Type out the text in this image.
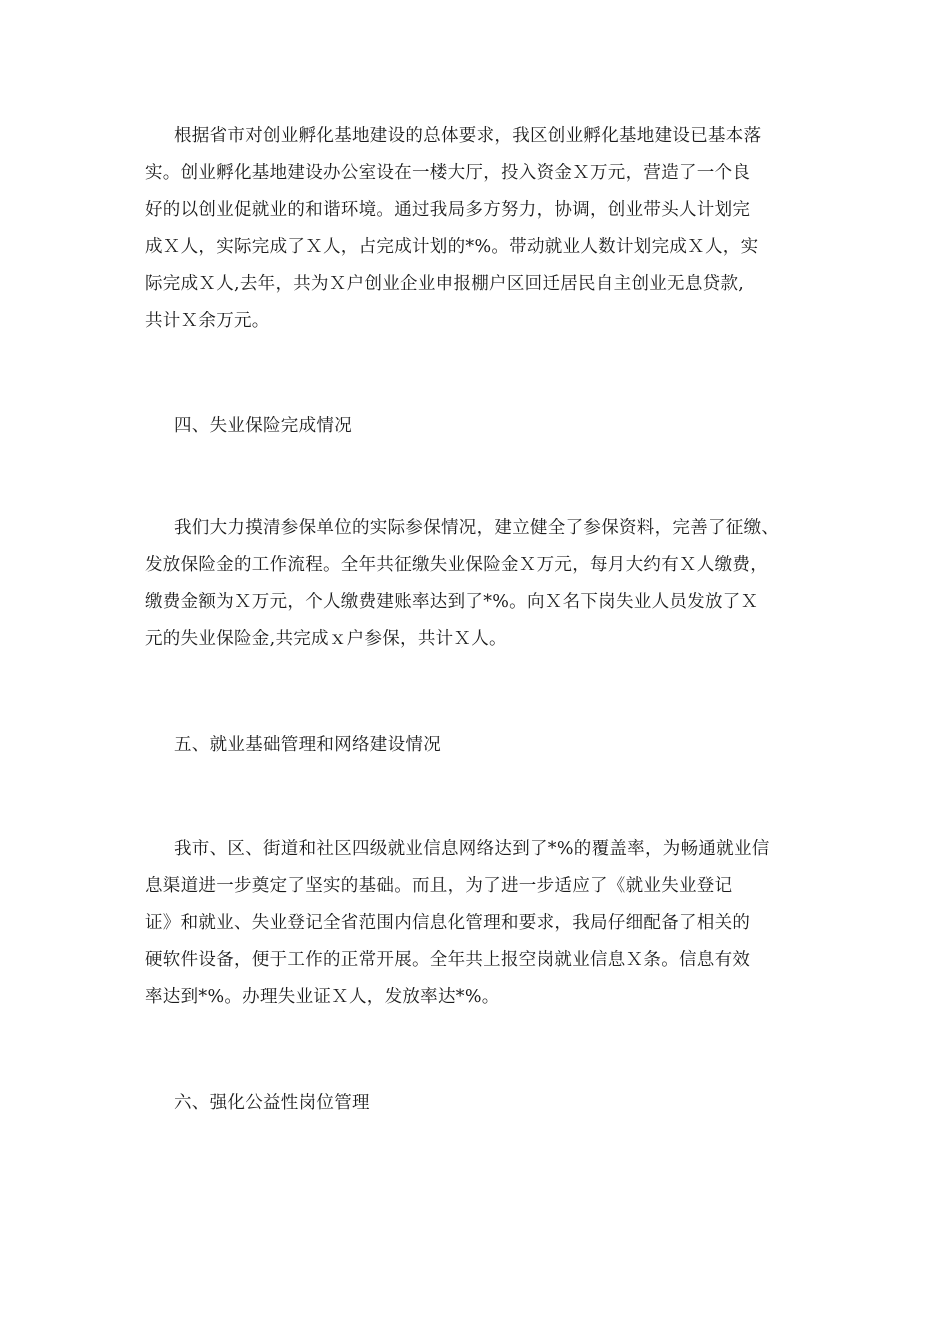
根据省市对创业孵化基地建设的总体要求，我区创业孵化基地建设已基本落
实。创业孵化基地建设办公室设在一楼大厅，投入资金Ｘ万元，营造了一个良
好的以创业促就业的和谐环境。通过我局多方努力，协调，创业带头人计划完
成Ｘ人，实际完成了Ｘ人，占完成计划的*%。带动就业人数计划完成Ｘ人，实
际完成Ｘ人,去年，共为Ｘ户创业企业申报棚户区回迁居民自主创业无息贷款,
共计Ｘ余万元。
四、失业保险完成情况
我们大力摸清参保单位的实际参保情况，建立健全了参保资料，完善了征缴、
发放保险金的工作流程。全年共征缴失业保险金Ｘ万元，每月大约有Ｘ人缴费，
缴费金额为Ｘ万元，个人缴费建账率达到了*%。向Ｘ名下岗失业人员发放了Ｘ
元的失业保险金,共完成ｘ户参保，共计Ｘ人。
五、就业基础管理和网络建设情况
我市、区、街道和社区四级就业信息网络达到了*%的覆盖率，为畅通就业信
息渠道进一步奠定了坚实的基础。而且，为了进一步适应了《就业失业登记
证》和就业、失业登记全省范围内信息化管理和要求，我局仔细配备了相关的
硬软件设备，便于工作的正常开展。全年共上报空岗就业信息Ｘ条。信息有效
率达到*%。办理失业证Ｘ人，发放率达*%。
六、强化公益性岗位管理
